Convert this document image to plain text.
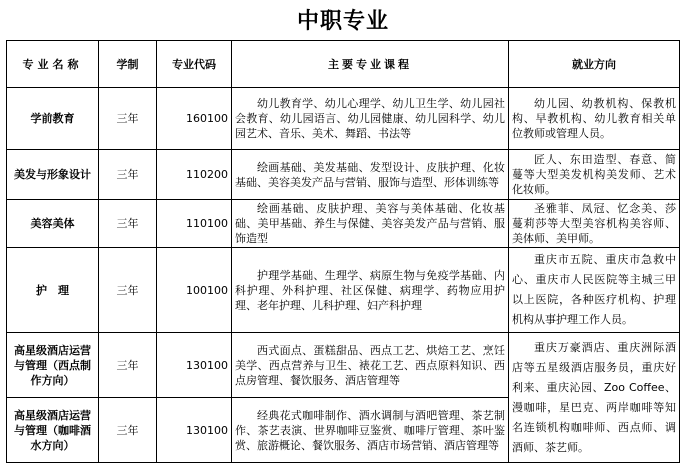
中职专业
专业名称	学制	专业代码	主要专业课程	就业方向
学前教育	三年	160100	幼儿教育学、幼儿心理学、幼儿卫生学、幼儿园社会教育、幼儿园语言、幼儿园健康、幼儿园科学、幼儿园艺术、音乐、美术、舞蹈、书法等	幼儿园、幼教机构、保教机构、早教机构、幼儿教育相关单位教师或管理人员。
美发与形象设计	三年	110200	绘画基础、美发基础、发型设计、皮肤护理、化妆基础、美容美发产品与营销、服饰与造型、形体训练等	匠人、东田造型、春意、简蔓等大型美发机构美发师、艺术化妆师。
美容美体	三年	110100	绘画基础、皮肤护理、美容与美体基础、化妆基础、美甲基础、养生与保健、美容美发产品与营销、服饰造型	圣雅菲、凤冠、忆念美、莎蔓莉莎等大型美容机构美容师、美体师、美甲师。
护　理	三年	100100	护理学基础、生理学、病原生物与免疫学基础、内科护理、外科护理、社区保健、病理学、药物应用护理、老年护理、儿科护理、妇产科护理	重庆市五院、重庆市急救中心、重庆市人民医院等主城三甲以上医院，各种医疗机构、护理机构从事护理工作人员。
高星级酒店运营与管理（西点制作方向）	三年	130100	西式面点、蛋糕甜品、西点工艺、烘焙工艺、烹饪美学、西点营养与卫生、裱花工艺、西点原料知识、西点房管理、餐饮服务、酒店管理等	重庆万豪酒店、重庆洲际酒店等五星级酒店服务员，重庆好利来、重庆沁园、Zoo Coffee、漫咖啡，星巴克、两岸咖啡等知名连锁机构咖啡师、西点师、调酒师、茶艺师。
高星级酒店运营与管理（咖啡酒水方向）	三年	130100	经典花式咖啡制作、酒水调制与酒吧管理、茶艺制作、茶艺表演、世界咖啡豆鉴赏、咖啡厅管理、茶叶鉴赏、旅游概论、餐饮服务、酒店市场营销、酒店管理等	
